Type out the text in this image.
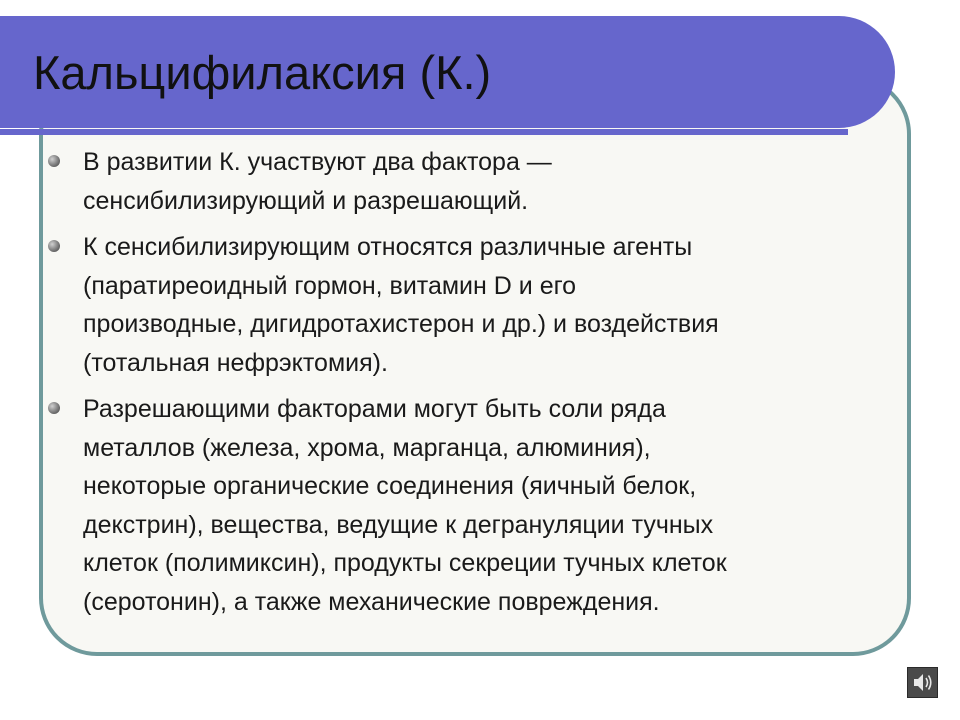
Кальцифилаксия (К.)
В развитии К. участвуют два фактора —
сенсибилизирующий и разрешающий.
К сенсибилизирующим относятся различные агенты
(паратиреоидный гормон, витамин D и его
производные, дигидротахистерон и др.) и воздействия
(тотальная нефрэктомия).
Разрешающими факторами могут быть соли ряда
металлов (железа, хрома, марганца, алюминия),
некоторые органические соединения (яичный белок,
декстрин), вещества, ведущие к дегрануляции тучных
клеток (полимиксин), продукты секреции тучных клеток
(серотонин), а также механические повреждения.
